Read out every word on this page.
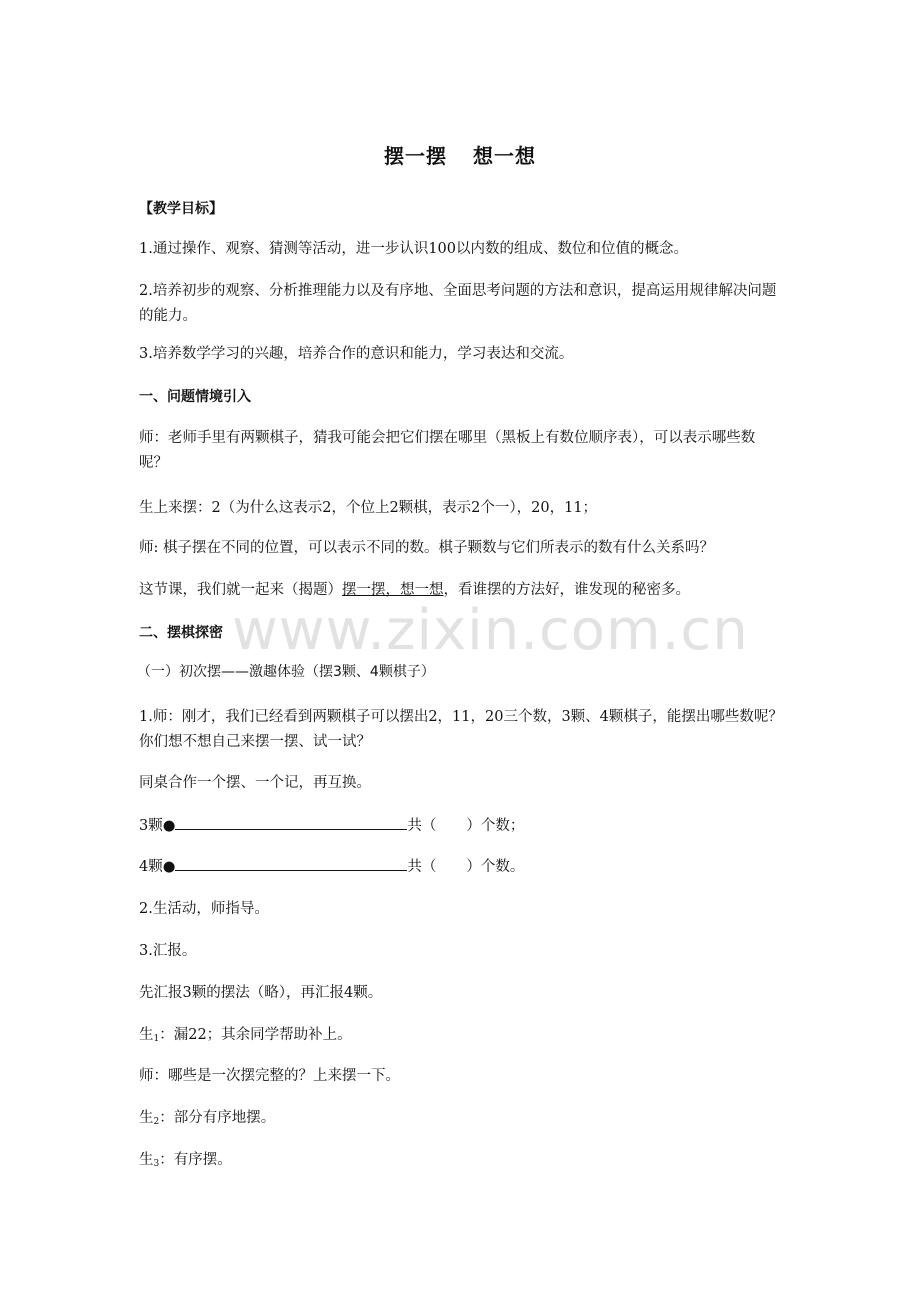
摆一摆 想一想
【教学目标】
1.通过操作、观察、猜测等活动，进一步认识100以内数的组成、数位和位值的概念。
2.培养初步的观察、分析推理能力以及有序地、全面思考问题的方法和意识，提高运用规律解决问题的能力。
3.培养数学学习的兴趣，培养合作的意识和能力，学习表达和交流。
一、问题情境引入
师：老师手里有两颗棋子，猜我可能会把它们摆在哪里（黑板上有数位顺序表），可以表示哪些数呢？
生上来摆：2（为什么这表示2，个位上2颗棋，表示2个一），20，11；
师: 棋子摆在不同的位置，可以表示不同的数。棋子颗数与它们所表示的数有什么关系吗？
这节课，我们就一起来（揭题）摆一摆，想一想，看谁摆的方法好，谁发现的秘密多。
二、摆棋探密
（一）初次摆——激趣体验（摆3颗、4颗棋子）
1.师：刚才，我们已经看到两颗棋子可以摆出2，11，20三个数，3颗、4颗棋子，能摆出哪些数呢？你们想不想自己来摆一摆、试一试？
同桌合作一个摆、一个记，再互换。
3颗●	共（ ）个数；
4颗●	共（ ）个数。
2.生活动，师指导。
3.汇报。
先汇报3颗的摆法（略），再汇报4颗。
生$_1$：漏22；其余同学帮助补上。
师：哪些是一次摆完整的？上来摆一下。
生$_2$：部分有序地摆。
生$_3$：有序摆。
www.zixin.com.cn
